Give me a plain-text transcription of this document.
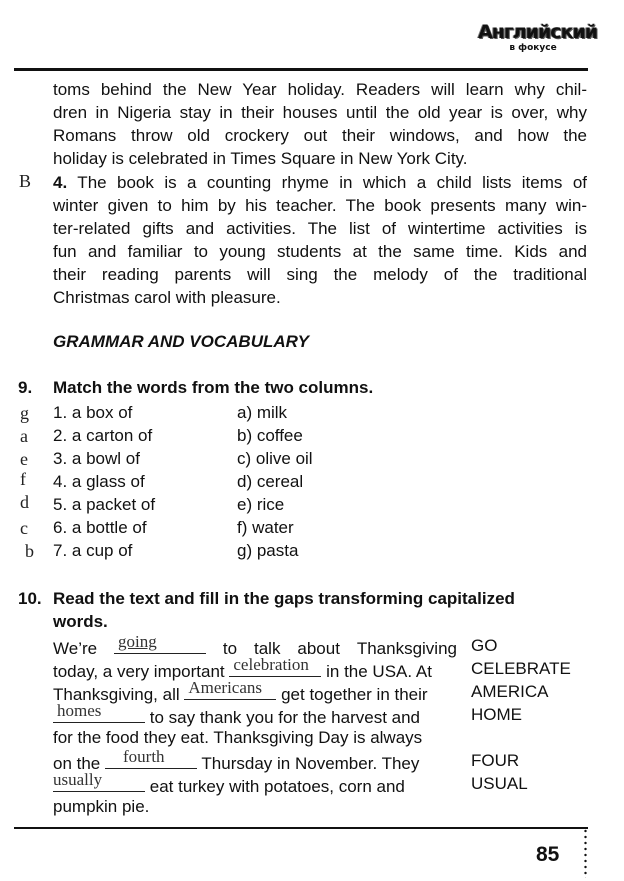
Английский
в фокусе

toms behind the New Year holiday. Readers will learn why chil-

dren in Nigeria stay in their houses until the old year is over, why

Romans throw old crockery out their windows, and how the

holiday is celebrated in Times Square in New York City.

B 4. The book is a counting rhyme in which a child lists items of

winter given to him by his teacher. The book presents many win-

ter-related gifts and activities. The list of wintertime activities is

fun and familiar to young students at the same time. Kids and

their reading parents will sing the melody of the traditional

Christmas carol with pleasure.

GRAMMAR AND VOCABULARY
9. Match the words from the two columns.
g 1. a box of	a) milk
a 2. a carton of	b) coffee
e 3. a bowl of	c) olive oil
f 4. a glass of	d) cereal
d 5. a packet of	e) rice
c 6. a bottle of	f) water
b 7. a cup of	g) pasta
10. Read the text and fill in the gaps transforming capitalized
words.
We’re going	to talk about Thanksgiving
today, a very important celebration in the USA. At
Thanksgiving, all Americans get together in their
homes	to say thank you for the harvest and
for the food they eat. Thanksgiving Day is always
on the fourth Thursday in November. They
usually	eat turkey with potatoes, corn and
pumpkin pie.
GO
CELEBRATE
AMERICA
HOME
FOUR
USUAL
85
